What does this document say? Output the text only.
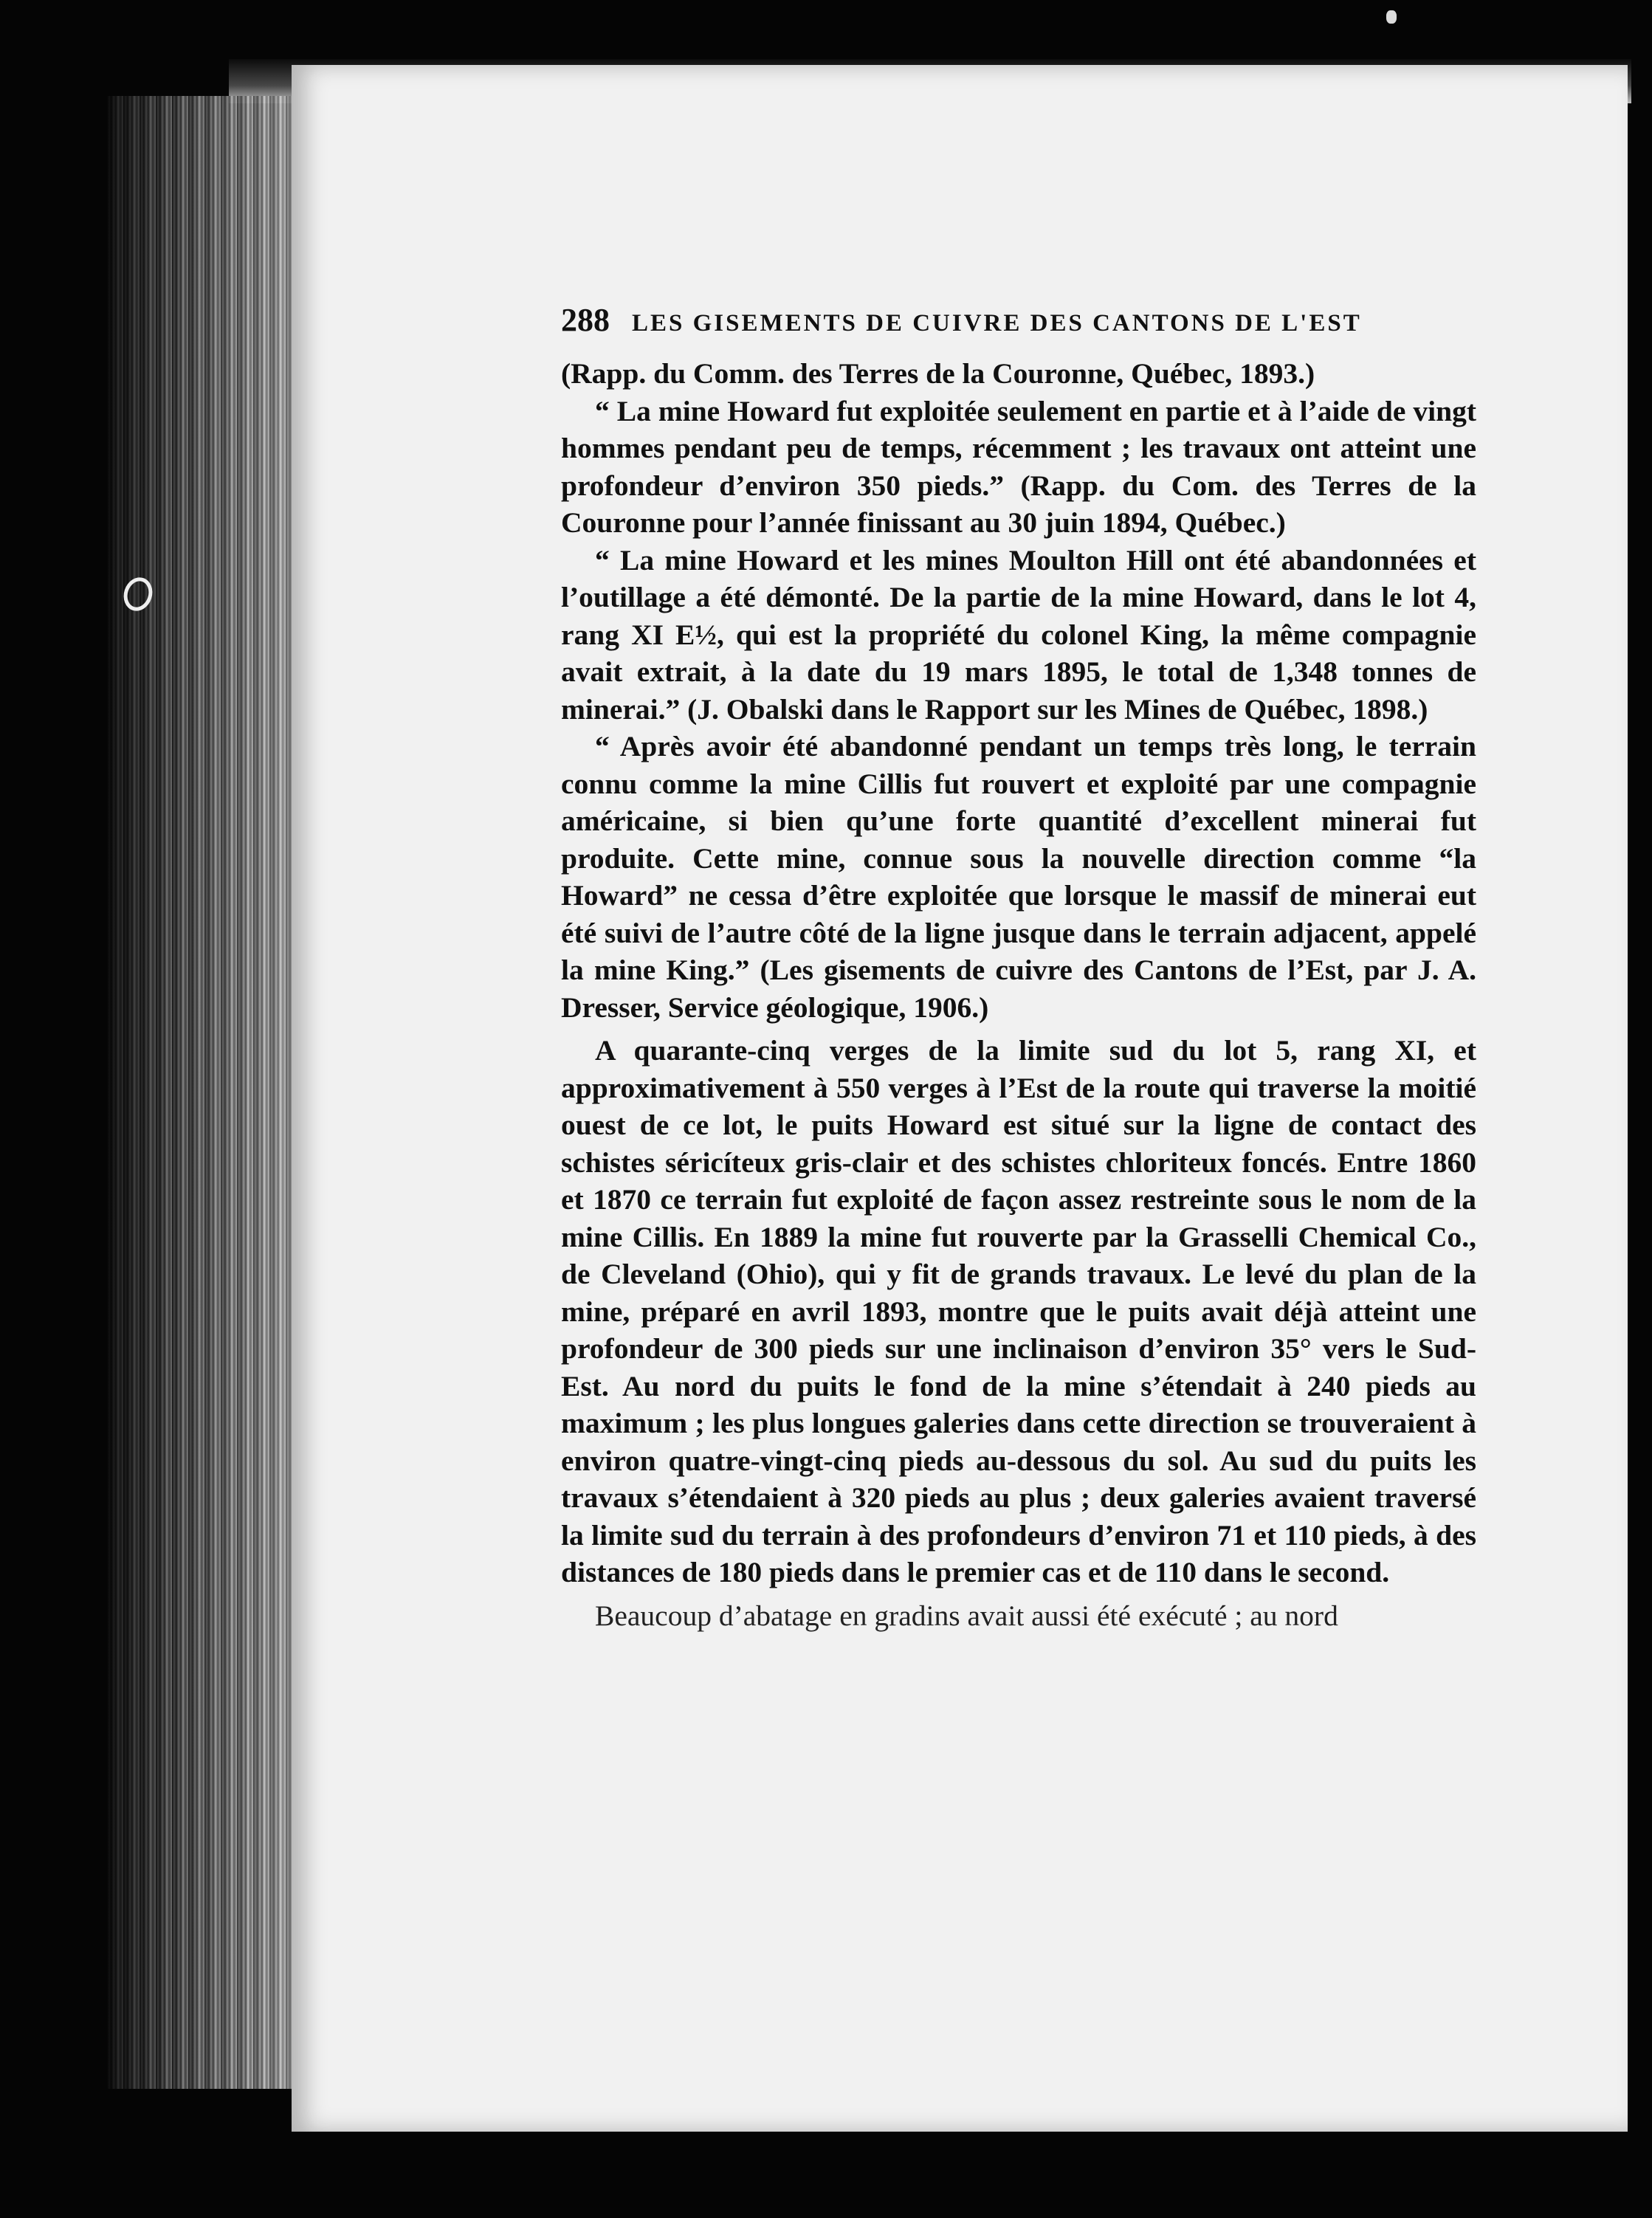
288 LES GISEMENTS DE CUIVRE DES CANTONS DE L'EST

(Rapp. du Comm. des Terres de la Couronne, Québec, 1893.)

“ La mine Howard fut exploitée seulement en partie et à l’aide de vingt hommes pendant peu de temps, récemment ; les travaux ont atteint une profondeur d’environ 350 pieds.” (Rapp. du Com. des Terres de la Couronne pour l’année finissant au 30 juin 1894, Québec.)

“ La mine Howard et les mines Moulton Hill ont été abandonnées et l’outillage a été démonté. De la partie de la mine Howard, dans le lot 4, rang XI E½, qui est la propriété du colonel King, la même compagnie avait extrait, à la date du 19 mars 1895, le total de 1,348 tonnes de minerai.” (J. Obalski dans le Rapport sur les Mines de Québec, 1898.)

“ Après avoir été abandonné pendant un temps très long, le terrain connu comme la mine Cillis fut rouvert et exploité par une compagnie américaine, si bien qu’une forte quantité d’excellent minerai fut produite. Cette mine, connue sous la nouvelle direction comme “la Howard” ne cessa d’être exploitée que lorsque le massif de minerai eut été suivi de l’autre côté de la ligne jusque dans le terrain adjacent, appelé la mine King.” (Les gisements de cuivre des Cantons de l’Est, par J. A. Dresser, Service géologique, 1906.)

A quarante-cinq verges de la limite sud du lot 5, rang XI, et approximativement à 550 verges à l’Est de la route qui traverse la moitié ouest de ce lot, le puits Howard est situé sur la ligne de contact des schistes séricíteux gris-clair et des schistes chloriteux foncés. Entre 1860 et 1870 ce terrain fut exploité de façon assez restreinte sous le nom de la mine Cillis. En 1889 la mine fut rouverte par la Grasselli Chemical Co., de Cleveland (Ohio), qui y fit de grands travaux. Le levé du plan de la mine, préparé en avril 1893, montre que le puits avait déjà atteint une profondeur de 300 pieds sur une inclinaison d’environ 35° vers le Sud-Est. Au nord du puits le fond de la mine s’étendait à 240 pieds au maximum ; les plus longues galeries dans cette direction se trouveraient à environ quatre-vingt-cinq pieds au-dessous du sol. Au sud du puits les travaux s’étendaient à 320 pieds au plus ; deux galeries avaient traversé la limite sud du terrain à des profondeurs d’environ 71 et 110 pieds, à des distances de 180 pieds dans le premier cas et de 110 dans le second.

Beaucoup d’abatage en gradins avait aussi été exécuté ; au nord
